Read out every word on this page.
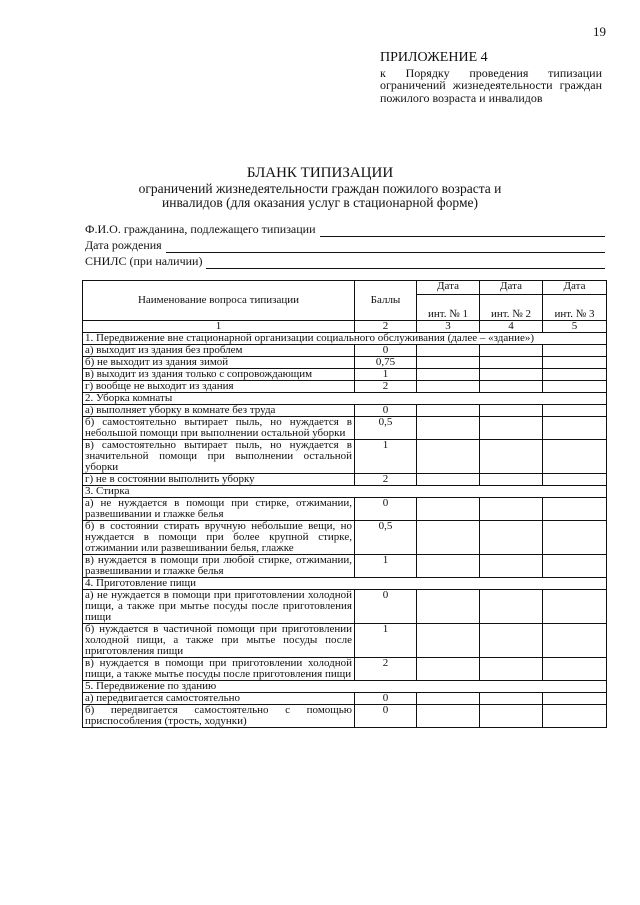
19
ПРИЛОЖЕНИЕ 4
к Порядку проведения типизации ограничений жизнедеятельности граждан пожилого возраста и инвалидов
БЛАНК ТИПИЗАЦИИ
ограничений жизнедеятельности граждан пожилого возраста и инвалидов (для оказания услуг в стационарной форме)
Ф.И.О. гражданина, подлежащего типизации
Дата рождения
СНИЛС (при наличии)
Наименование вопроса типизации	Баллы	Дата	Дата	Дата
		инт. № 1	инт. № 2	инт. № 3
1	2	3	4	5
1. Передвижение вне стационарной организации социального обслуживания (далее – «здание»)				
а) выходит из здания без проблем	0			
б) не выходит из здания зимой	0,75			
в) выходит из здания только с сопровождающим	1			
г) вообще не выходит из здания	2			
2. Уборка комнаты				
а) выполняет уборку в комнате без труда	0			
б) самостоятельно вытирает пыль, но нуждается в небольшой помощи при выполнении остальной уборки	0,5			
в) самостоятельно вытирает пыль, но нуждается в значительной помощи при выполнении остальной уборки	1			
г) не в состоянии выполнить уборку	2			
3. Стирка				
а) не нуждается в помощи при стирке, отжимании, развешивании и глажке белья	0			
б) в состоянии стирать вручную небольшие вещи, но нуждается в помощи при более крупной стирке, отжимании или развешивании белья, глажке	0,5			
в) нуждается в помощи при любой стирке, отжимании, развешивании и глажке белья	1			
4. Приготовление пищи				
а) не нуждается в помощи при приготовлении холодной пищи, а также при мытье посуды после приготовления пищи	0			
б) нуждается в частичной помощи при приготовлении холодной пищи, а также при мытье посуды после приготовления пищи	1			
в) нуждается в помощи при приготовлении холодной пищи, а также мытье посуды после приготовления пищи	2			
5. Передвижение по зданию				
а) передвигается самостоятельно	0			
б) передвигается самостоятельно с помощью приспособления (трость, ходунки)	0			
